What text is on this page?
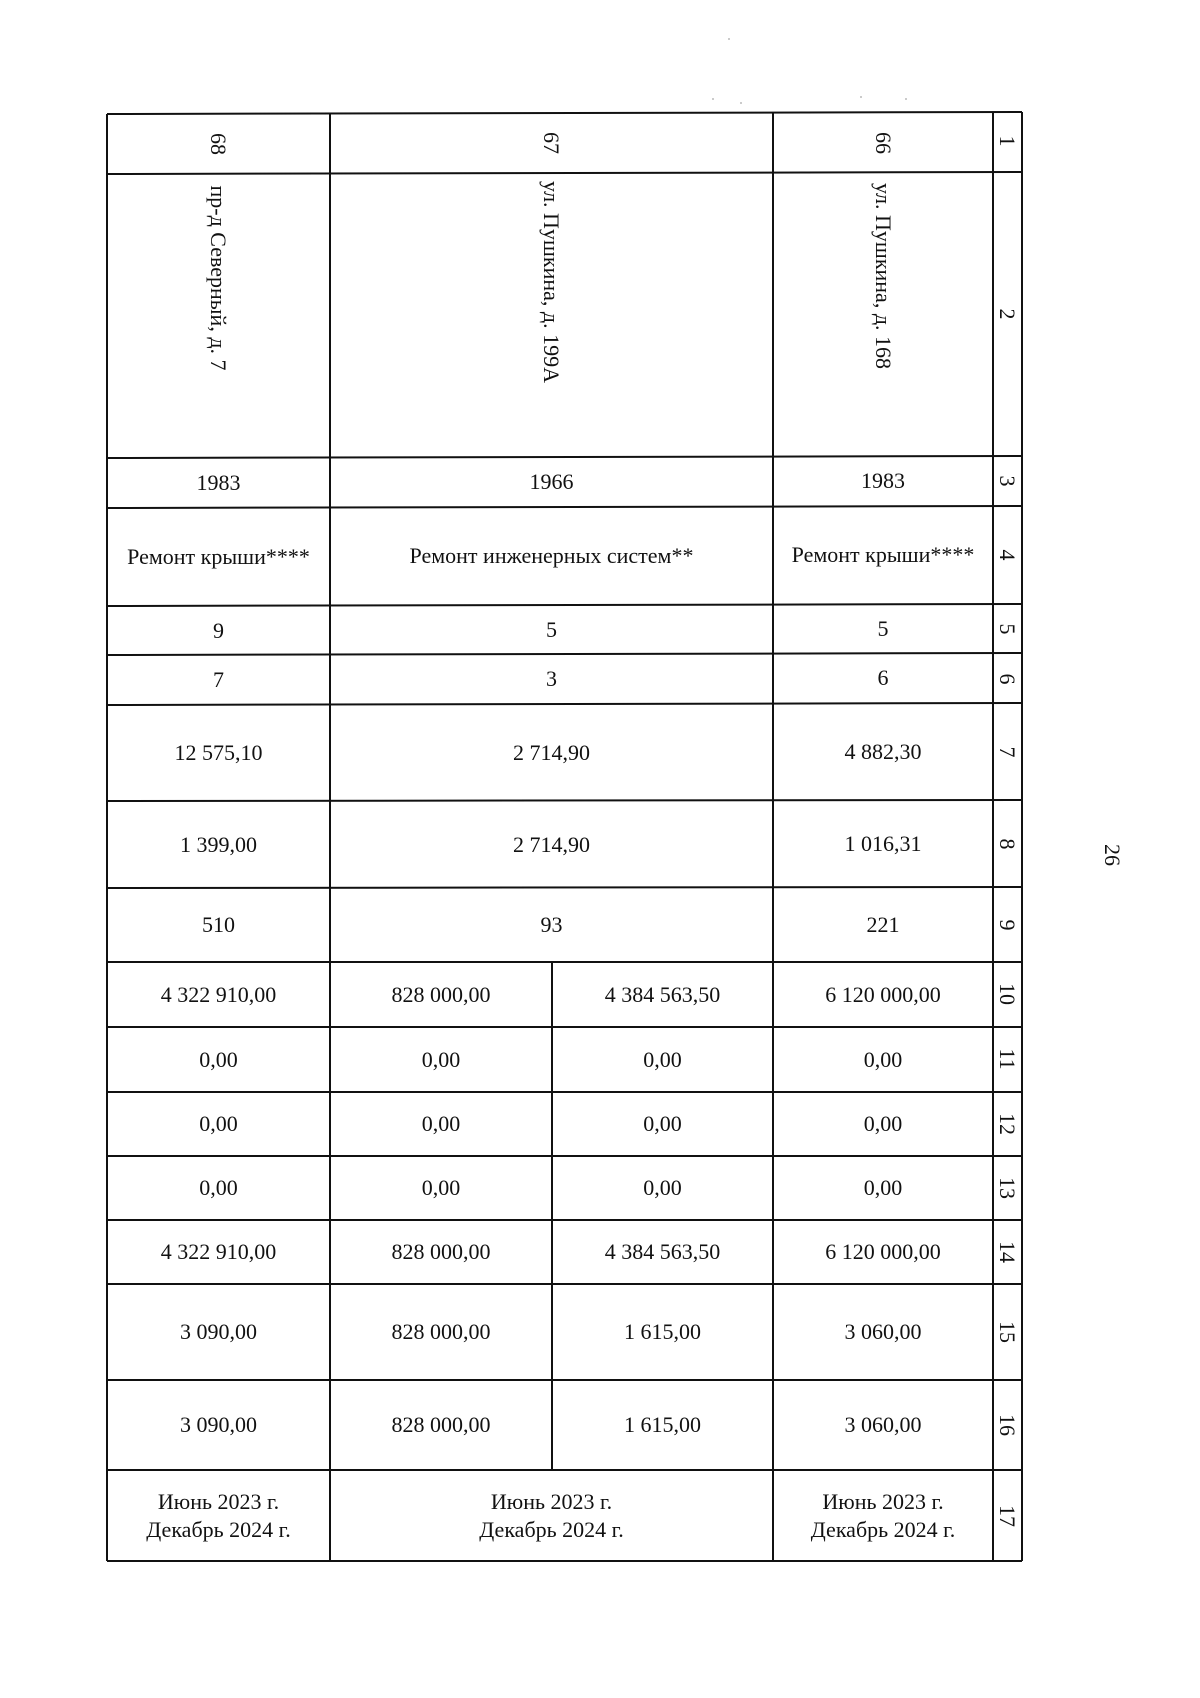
1
2
3
4
5
6
7
8
9
10
11
12
13
14
15
16
17
66
ул. Пушкина, д. 168
1983
Ремонт крыши****
5
6
4 882,30
1 016,31
221
6 120 000,00
0,00
0,00
0,00
6 120 000,00
3 060,00
3 060,00
Июнь 2023 г.
Декабрь 2024 г.
67
ул. Пушкина, д. 199А
1966
Ремонт инженерных систем**
5
3
2 714,90
2 714,90
93
4 384 563,50
0,00
0,00
0,00
4 384 563,50
1 615,00
1 615,00
828 000,00
0,00
0,00
0,00
828 000,00
828 000,00
828 000,00
Июнь 2023 г.
Декабрь 2024 г.
68
пр-д Северный, д. 7
1983
Ремонт крыши****
9
7
12 575,10
1 399,00
510
4 322 910,00
0,00
0,00
0,00
4 322 910,00
3 090,00
3 090,00
Июнь 2023 г.
Декабрь 2024 г.
26
